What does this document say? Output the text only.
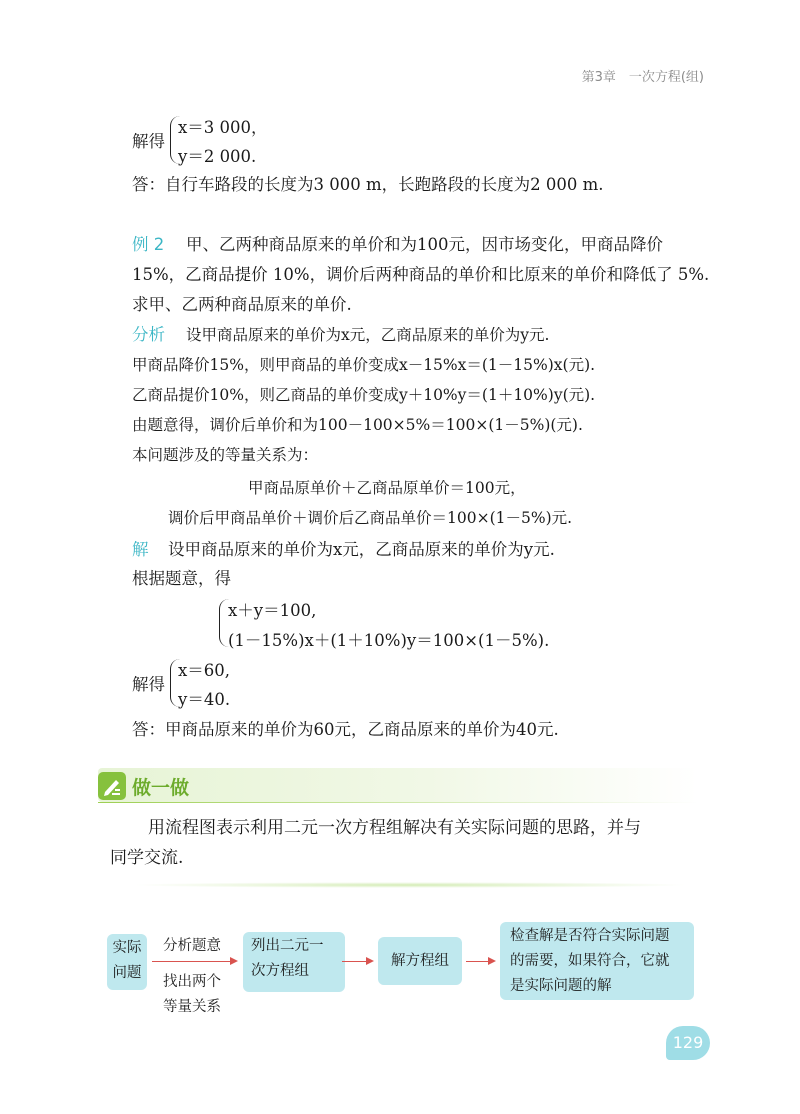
第3章　一次方程(组)
解得
x＝3 000，
y＝2 000.
答：自行车路段的长度为3 000 m，长跑路段的长度为2 000 m.
例 2 甲、乙两种商品原来的单价和为100元，因市场变化，甲商品降价
15%，乙商品提价 10%，调价后两种商品的单价和比原来的单价和降低了 5%.
求甲、乙两种商品原来的单价.
分析 设甲商品原来的单价为x元，乙商品原来的单价为y元.
甲商品降价15%，则甲商品的单价变成x－15%x＝(1－15%)x(元).
乙商品提价10%，则乙商品的单价变成y＋10%y＝(1＋10%)y(元).
由题意得，调价后单价和为100－100×5%＝100×(1－5%)(元).
本问题涉及的等量关系为：
甲商品原单价＋乙商品原单价＝100元，
调价后甲商品单价＋调价后乙商品单价＝100×(1－5%)元.
解 设甲商品原来的单价为x元，乙商品原来的单价为y元.
根据题意，得
x＋y＝100,
(1－15%)x＋(1＋10%)y＝100×(1－5%).
解得
x＝60,
y＝40.
答：甲商品原来的单价为60元，乙商品原来的单价为40元.
做一做
用流程图表示利用二元一次方程组解决有关实际问题的思路，并与
同学交流.
实际
问题
分析题意
找出两个
等量关系
列出二元一
次方程组
解方程组
检查解是否符合实际问题
的需要，如果符合，它就
是实际问题的解
129
